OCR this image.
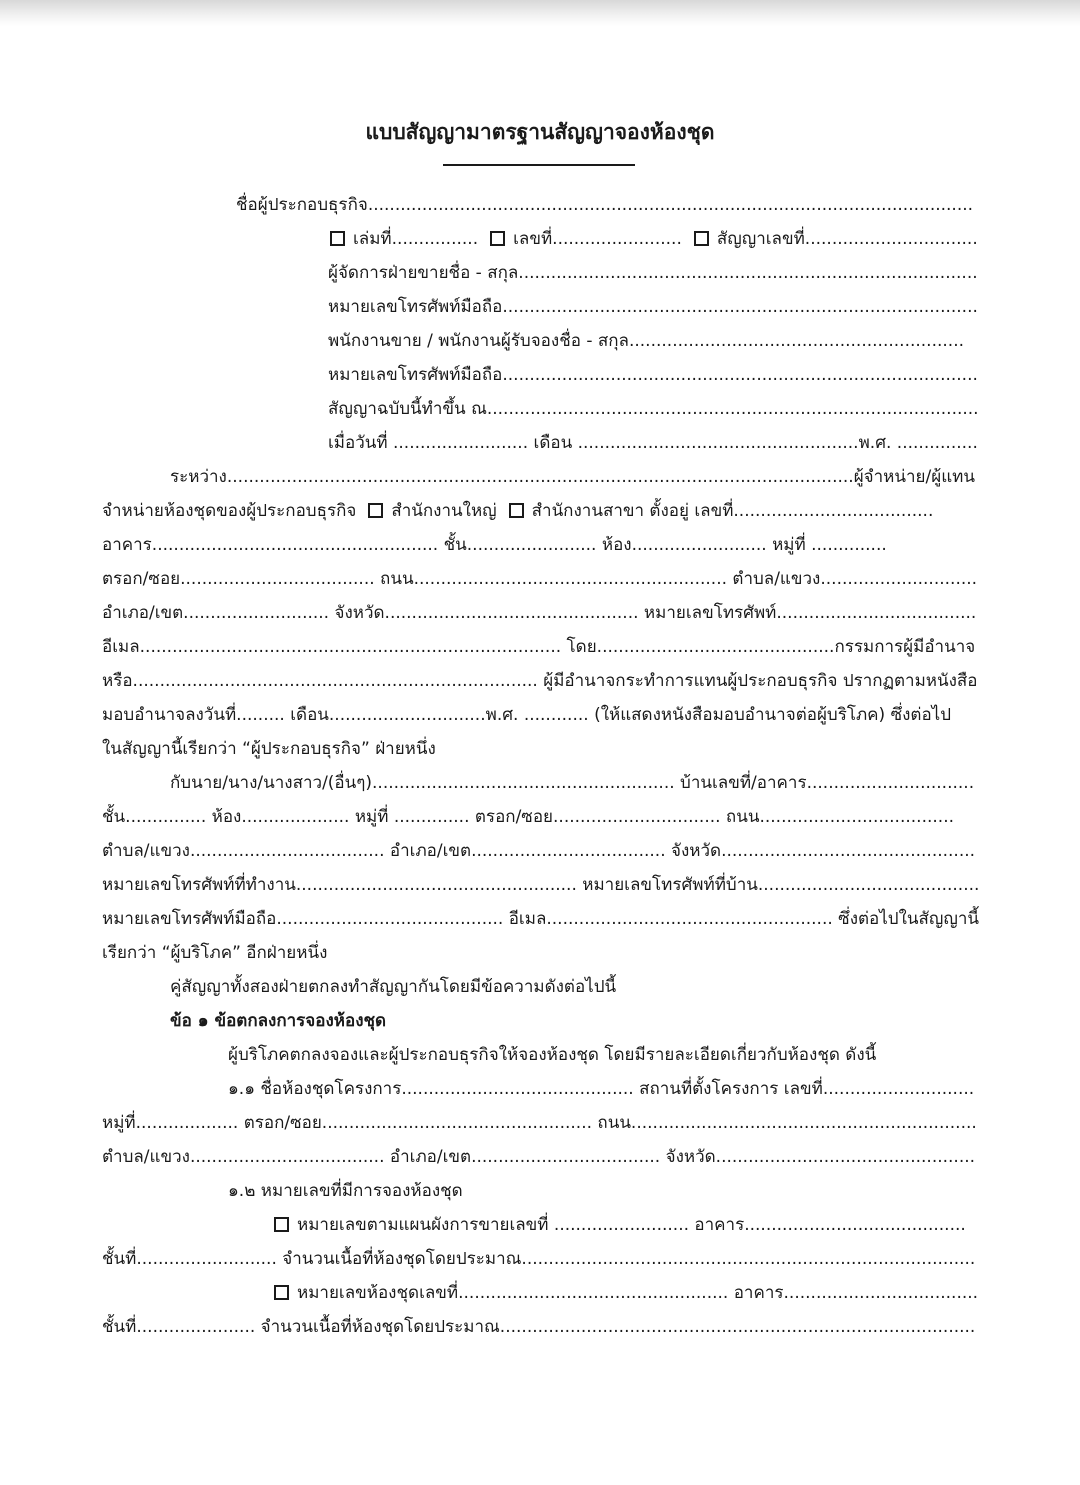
แบบสัญญามาตรฐานสัญญาจองห้องชุด
ชื่อผู้ประกอบธุรกิจ................................................................................................................
เล่มที่................ เลขที่........................ สัญญาเลขที่................................
ผู้จัดการฝ่ายขายชื่อ - สกุล.....................................................................................
หมายเลขโทรศัพท์มือถือ........................................................................................
พนักงานขาย / พนักงานผู้รับจองชื่อ - สกุล..............................................................
หมายเลขโทรศัพท์มือถือ........................................................................................
สัญญาฉบับนี้ทำขึ้น ณ...........................................................................................
เมื่อวันที่ ......................... เดือน ....................................................พ.ศ. ...............
ระหว่าง....................................................................................................................ผู้จำหน่าย/ผู้แทน
จำหน่ายห้องชุดของผู้ประกอบธุรกิจ สำนักงานใหญ่ สำนักงานสาขา ตั้งอยู่ เลขที่.....................................
อาคาร..................................................... ชั้น........................ ห้อง......................... หมู่ที่ ..............
ตรอก/ซอย.................................... ถนน.......................................................... ตำบล/แขวง.............................
อำเภอ/เขต........................... จังหวัด............................................... หมายเลขโทรศัพท์.....................................
อีเมล.............................................................................. โดย............................................กรรมการผู้มีอำนาจ
หรือ........................................................................... ผู้มีอำนาจกระทำการแทนผู้ประกอบธุรกิจ ปรากฏตามหนังสือ
มอบอำนาจลงวันที่......... เดือน.............................พ.ศ. ............ (ให้แสดงหนังสือมอบอำนาจต่อผู้บริโภค) ซึ่งต่อไป
ในสัญญานี้เรียกว่า “ผู้ประกอบธุรกิจ” ฝ่ายหนึ่ง
กับนาย/นาง/นางสาว/(อื่นๆ)........................................................ บ้านเลขที่/อาคาร...............................
ชั้น............... ห้อง.................... หมู่ที่ .............. ตรอก/ซอย............................... ถนน....................................
ตำบล/แขวง.................................... อำเภอ/เขต.................................... จังหวัด...............................................
หมายเลขโทรศัพท์ที่ทำงาน.................................................... หมายเลขโทรศัพท์ที่บ้าน.........................................
หมายเลขโทรศัพท์มือถือ.......................................... อีเมล..................................................... ซึ่งต่อไปในสัญญานี้
เรียกว่า “ผู้บริโภค” อีกฝ่ายหนึ่ง
คู่สัญญาทั้งสองฝ่ายตกลงทำสัญญากันโดยมีข้อความดังต่อไปนี้
ข้อ ๑ ข้อตกลงการจองห้องชุด
ผู้บริโภคตกลงจองและผู้ประกอบธุรกิจให้จองห้องชุด โดยมีรายละเอียดเกี่ยวกับห้องชุด ดังนี้
๑.๑ ชื่อห้องชุดโครงการ........................................... สถานที่ตั้งโครงการ เลขที่............................
หมู่ที่................... ตรอก/ซอย.................................................. ถนน................................................................
ตำบล/แขวง.................................... อำเภอ/เขต................................... จังหวัด................................................
๑.๒ หมายเลขที่มีการจองห้องชุด
หมายเลขตามแผนผังการขายเลขที่ ......................... อาคาร.........................................
ชั้นที่.......................... จำนวนเนื้อที่ห้องชุดโดยประมาณ....................................................................................
หมายเลขห้องชุดเลขที่.................................................. อาคาร....................................
ชั้นที่...................... จำนวนเนื้อที่ห้องชุดโดยประมาณ........................................................................................
